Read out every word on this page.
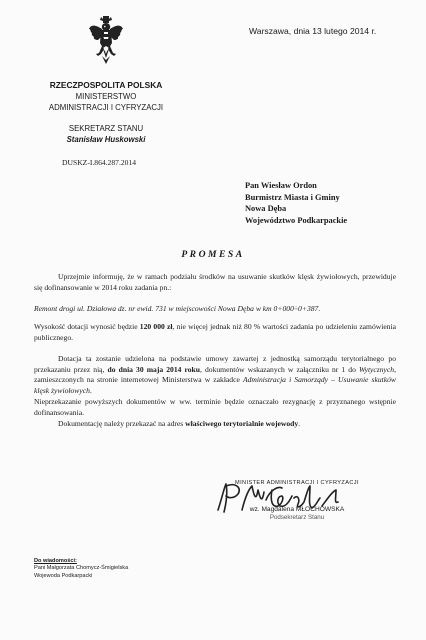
Warszawa, dnia 13 lutego 2014 r.
RZECZPOSPOLITA POLSKA
MINISTERSTWO
ADMINISTRACJI I CYFRYZACJI
SEKRETARZ STANU
Stanisław Huskowski
DUSKZ-I.864.287.2014
Pan Wiesław Ordon
Burmistrz Miasta i Gminy
Nowa Dęba
Województwo Podkarpackie
PROMESA
Uprzejmie informuję, że w ramach podziału środków na usuwanie skutków klęsk żywiołowych, przewiduje się dofinansowanie w 2014 roku zadania pn.:
Remont drogi ul. Działowa dz. nr ewid. 731 w miejscowości Nowa Dęba w km 0+000÷0+387.
Wysokość dotacji wynosić będzie 120 000 zł, nie więcej jednak niż 80 % wartości zadania po udzieleniu zamówienia publicznego.
Dotacja ta zostanie udzielona na podstawie umowy zawartej z jednostką samorządu terytorialnego po przekazaniu przez nią, do dnia 30 maja 2014 roku, dokumentów wskazanych w załączniku nr 1 do Wytycznych, zamieszczonych na stronie internetowej Ministerstwa w zakładce Administracja i Samorządy – Usuwanie skutków klęsk żywiołowych.
Nieprzekazanie powyższych dokumentów w ww. terminie będzie oznaczało rezygnację z przyznanego wstępnie dofinansowania.
Dokumentację należy przekazać na adres właściwego terytorialnie wojewody.
MINISTER ADMINISTRACJI I CYFRYZACJI
wz. Magdalena MŁOCHOWSKA
Podsekretarz Stanu
Do wiadomości:
Pani Małgorzata Chomycz-Śmigielska
Wojewoda Podkarpacki
